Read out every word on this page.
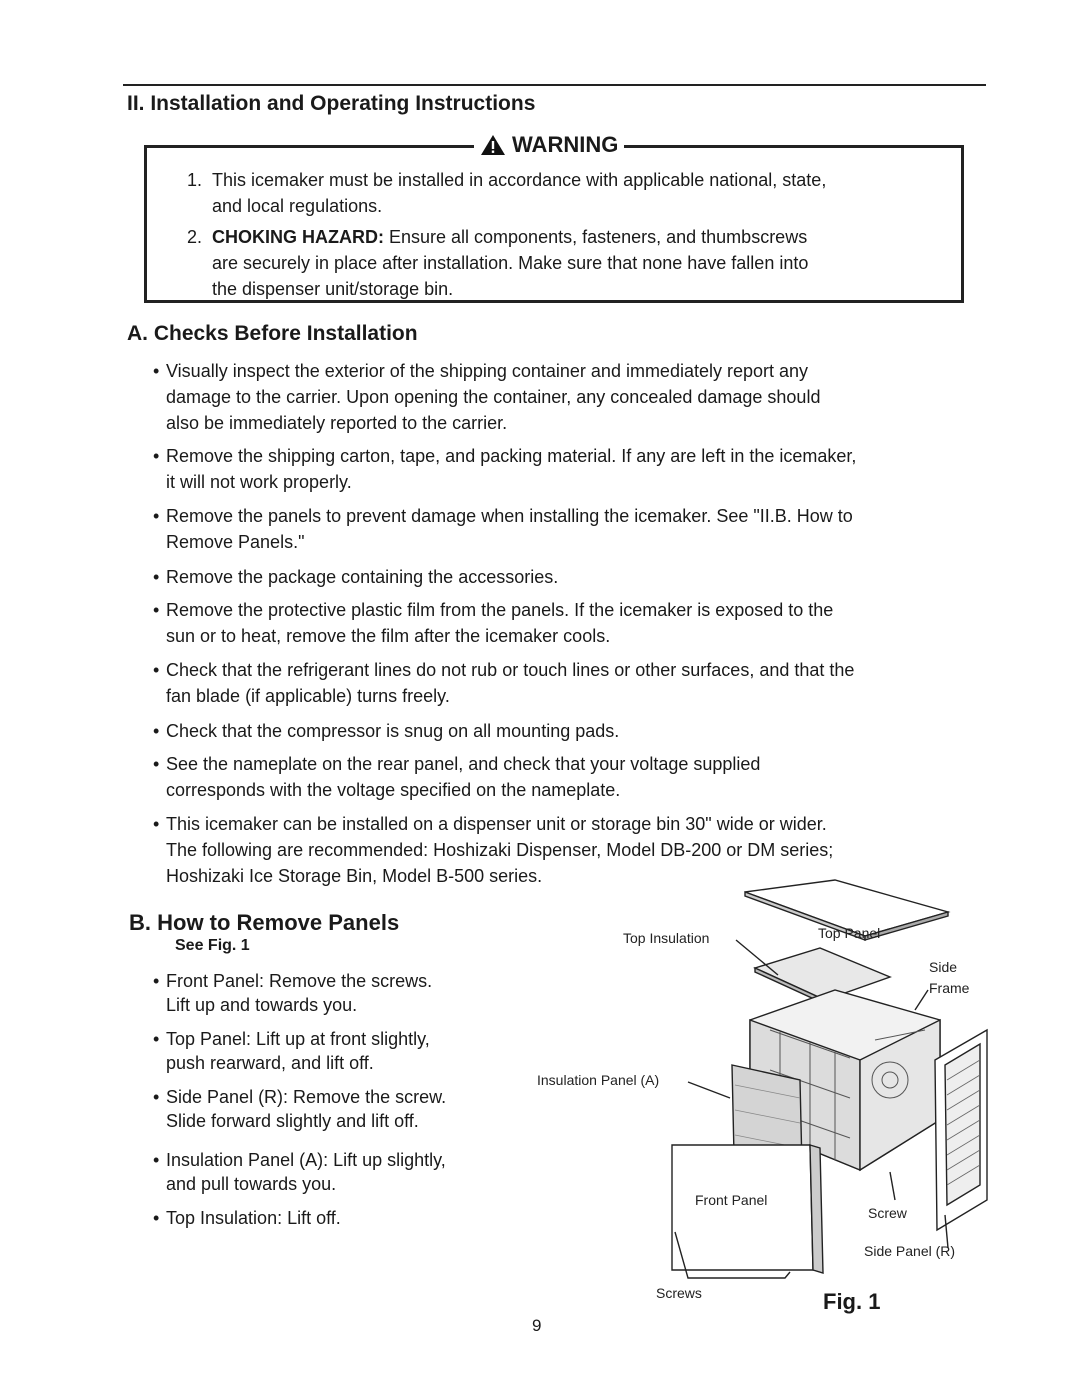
II. Installation and Operating Instructions
WARNING
1. This icemaker must be installed in accordance with applicable national, state,
and local regulations.
2. CHOKING HAZARD: Ensure all components, fasteners, and thumbscrews
are securely in place after installation. Make sure that none have fallen into
the dispenser unit/storage bin.
A. Checks Before Installation
• Visually inspect the exterior of the shipping container and immediately report any
damage to the carrier. Upon opening the container, any concealed damage should
also be immediately reported to the carrier.
• Remove the shipping carton, tape, and packing material. If any are left in the icemaker,
it will not work properly.
• Remove the panels to prevent damage when installing the icemaker. See "II.B. How to
Remove Panels."
• Remove the package containing the accessories.
• Remove the protective plastic film from the panels. If the icemaker is exposed to the
sun or to heat, remove the film after the icemaker cools.
• Check that the refrigerant lines do not rub or touch lines or other surfaces, and that the
fan blade (if applicable) turns freely.
• Check that the compressor is snug on all mounting pads.
• See the nameplate on the rear panel, and check that your voltage supplied
corresponds with the voltage specified on the nameplate.
• This icemaker can be installed on a dispenser unit or storage bin 30" wide or wider.
The following are recommended: Hoshizaki Dispenser, Model DB-200 or DM series;
Hoshizaki Ice Storage Bin, Model B-500 series.
B. How to Remove Panels
See Fig. 1
• Front Panel: Remove the screws.
Lift up and towards you.
• Top Panel: Lift up at front slightly,
push rearward, and lift off.
• Side Panel (R): Remove the screw.
Slide forward slightly and lift off.
• Insulation Panel (A): Lift up slightly,
and pull towards you.
• Top Insulation: Lift off.
Top Insulation	Top Panel
Side
Frame
Insulation Panel (A)
Front Panel
Screw
Side Panel (R)
Screws	Fig. 1
9
